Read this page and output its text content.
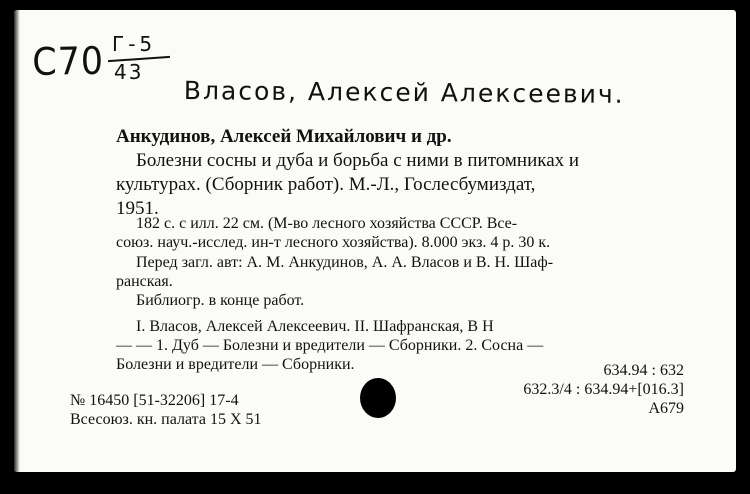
С70 Г-5
43
Власов, Алексей Алексеевич.
Анкудинов, Алексей Михайлович и др.
Болезни сосны и дуба и борьба с ними в питомниках и
культурах. (Сборник работ). М.-Л., Гослесбумиздат,
1951.
182 с. с илл. 22 см. (М-во лесного хозяйства СССР. Все-
союз. науч.-исслед. ин-т лесного хозяйства). 8.000 экз. 4 р. 30 к.
Перед загл. авт: А. М. Анкудинов, А. А. Власов и В. Н. Шаф-
ранская.
Библиогр. в конце работ.
I. Власов, Алексей Алексеевич. II. Шафранская, В Н
— — 1. Дуб — Болезни и вредители — Сборники. 2. Сосна —
Болезни и вредители — Сборники.	634.94 : 632
632.3/4 : 634.94+[016.3]
А679
№ 16450 [51-32206] 17-4
Всесоюз. кн. палата 15 X 51
